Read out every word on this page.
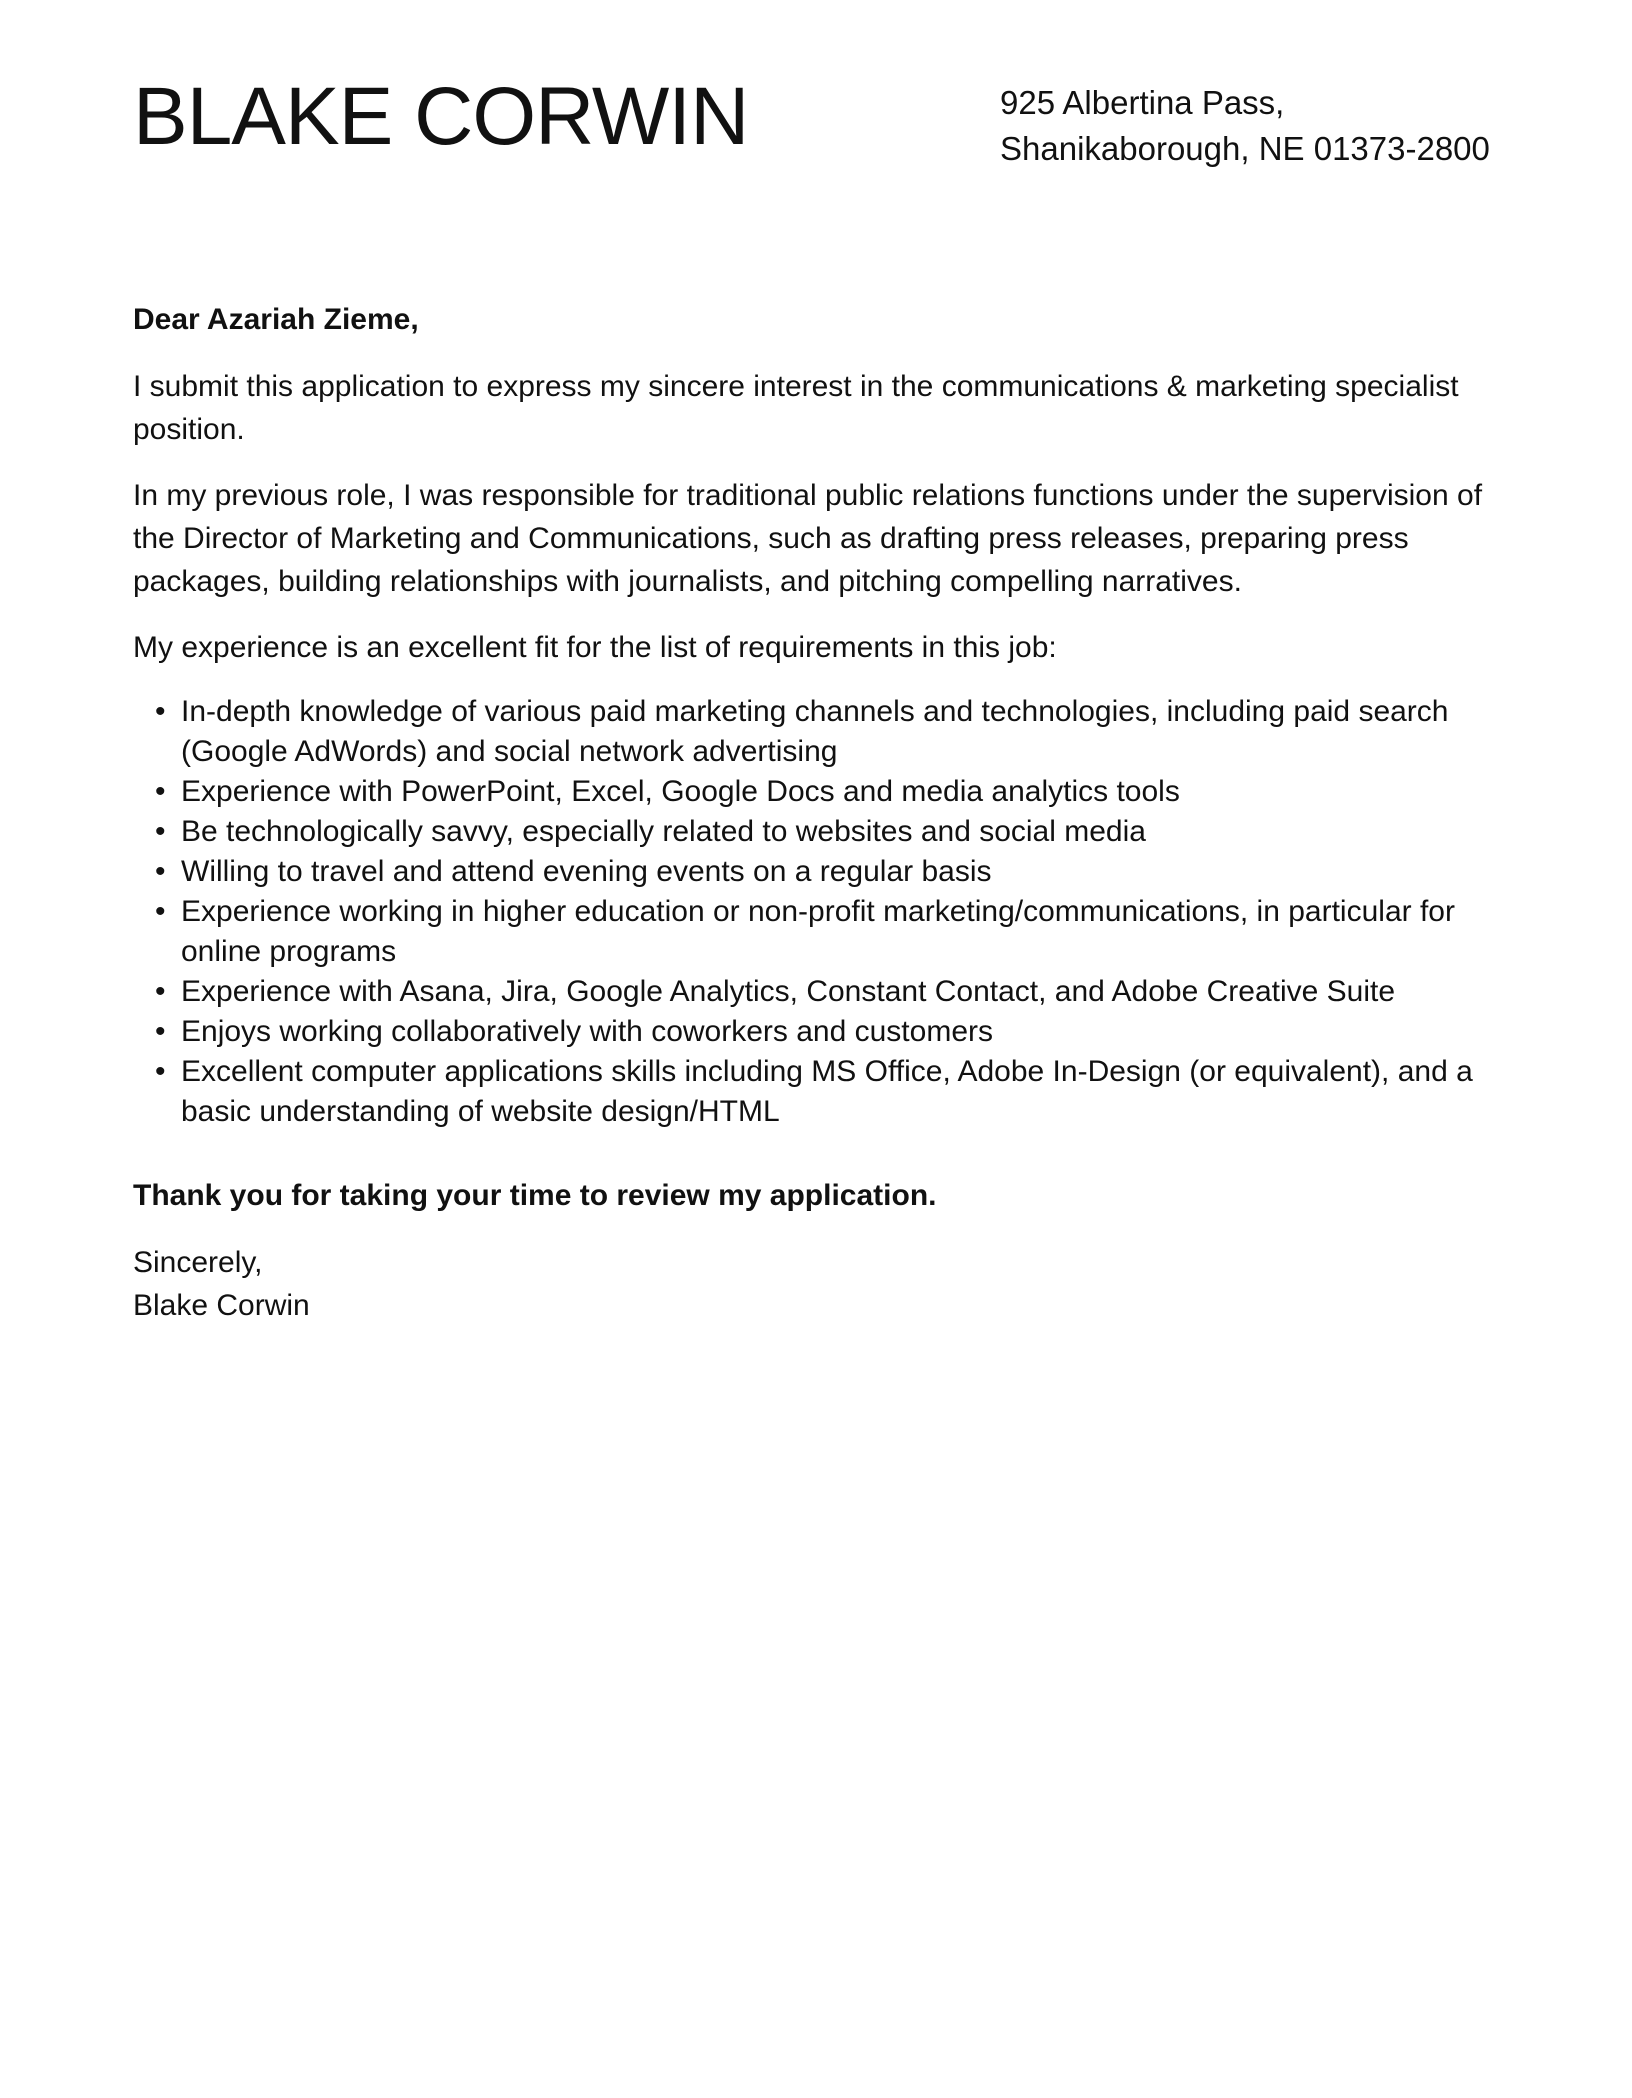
BLAKE CORWIN	925 Albertina Pass,
Shanikaborough, NE 01373-2800

Dear Azariah Zieme,

I submit this application to express my sincere interest in the communications & marketing specialist position.

In my previous role, I was responsible for traditional public relations functions under the supervision of the Director of Marketing and Communications, such as drafting press releases, preparing press packages, building relationships with journalists, and pitching compelling narratives.

My experience is an excellent fit for the list of requirements in this job:

• In-depth knowledge of various paid marketing channels and technologies, including paid search (Google AdWords) and social network advertising
• Experience with PowerPoint, Excel, Google Docs and media analytics tools
• Be technologically savvy, especially related to websites and social media
• Willing to travel and attend evening events on a regular basis
• Experience working in higher education or non-profit marketing/communications, in particular for online programs
• Experience with Asana, Jira, Google Analytics, Constant Contact, and Adobe Creative Suite
• Enjoys working collaboratively with coworkers and customers
• Excellent computer applications skills including MS Office, Adobe In-Design (or equivalent), and a basic understanding of website design/HTML

Thank you for taking your time to review my application.

Sincerely,
Blake Corwin
